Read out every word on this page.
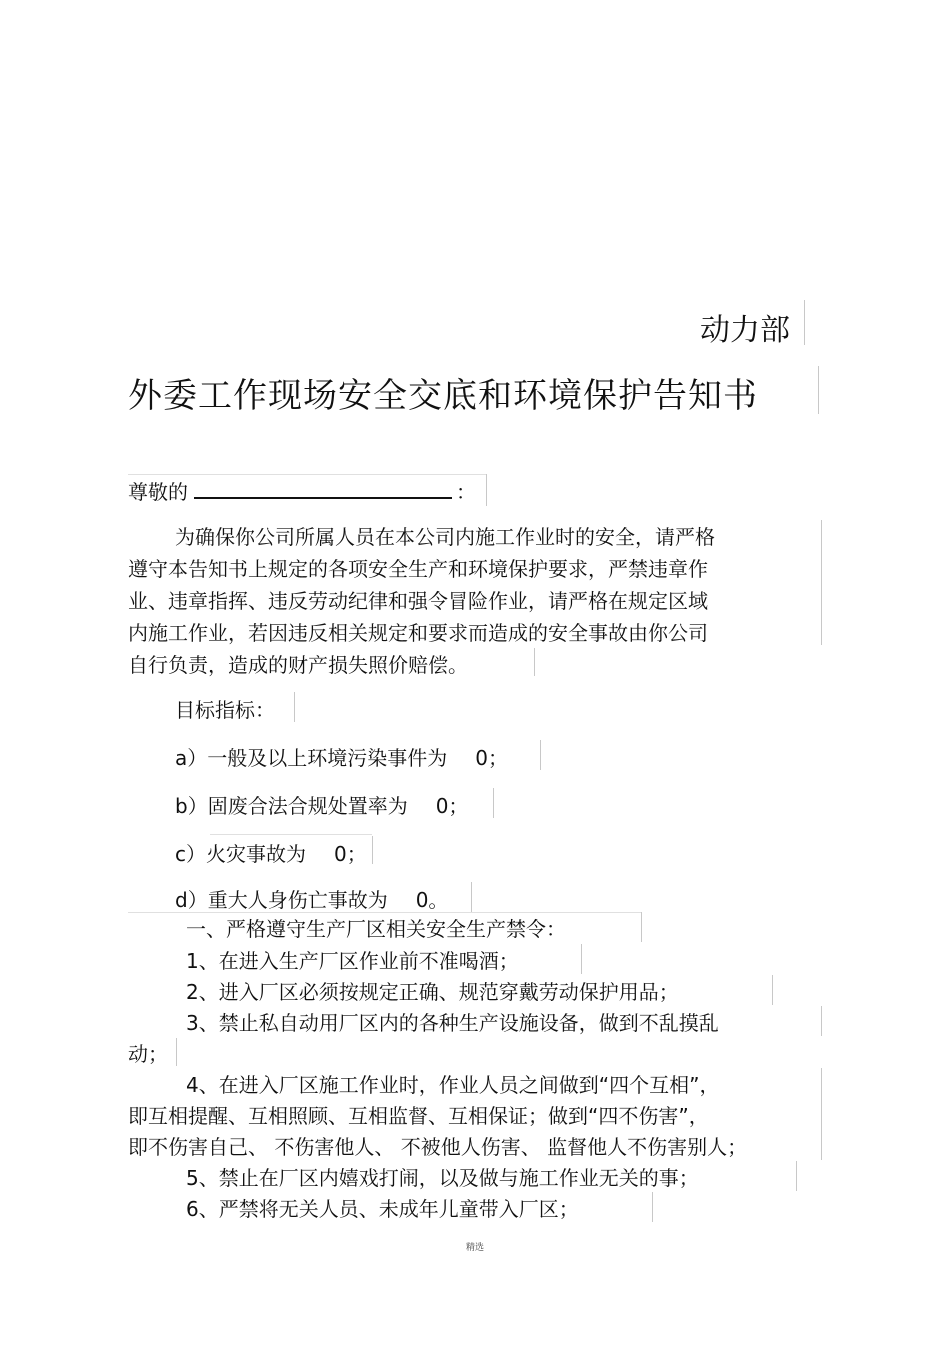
动力部
外委工作现场安全交底和环境保护告知书
尊敬的	：
为确保你公司所属人员在本公司内施工作业时的安全，请严格
遵守本告知书上规定的各项安全生产和环境保护要求，严禁违章作
业、违章指挥、违反劳动纪律和强令冒险作业，请严格在规定区域
内施工作业，若因违反相关规定和要求而造成的安全事故由你公司
自行负责，造成的财产损失照价赔偿。
目标指标：
a）一般及以上环境污染事件为 0；
b）固废合法合规处置率为 0；
c）火灾事故为 0；
d）重大人身伤亡事故为 0。
一、严格遵守生产厂区相关安全生产禁令：
1、在进入生产厂区作业前不准喝酒；
2、进入厂区必须按规定正确、规范穿戴劳动保护用品；
3、禁止私自动用厂区内的各种生产设施设备，做到不乱摸乱
动；
4、在进入厂区施工作业时，作业人员之间做到“四个互相”，
即互相提醒、互相照顾、互相监督、互相保证；做到“四不伤害”，
即不伤害自己、 不伤害他人、 不被他人伤害、 监督他人不伤害别人；
5、禁止在厂区内嬉戏打闹，以及做与施工作业无关的事；
6、严禁将无关人员、未成年儿童带入厂区；
精选
